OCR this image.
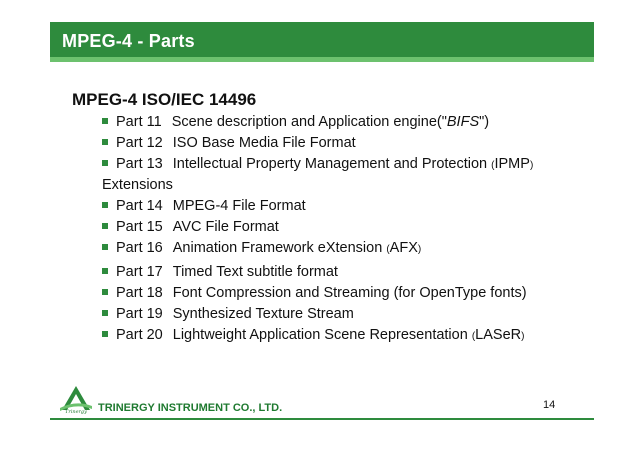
MPEG-4 - Parts
MPEG-4 ISO/IEC 14496
Part 11 Scene description and Application engine("BIFS")
Part 12 ISO Base Media File Format
Part 13 Intellectual Property Management and Protection (IPMP)
Extensions
Part 14 MPEG-4 File Format
Part 15 AVC File Format
Part 16 Animation Framework eXtension (AFX)
Part 17 Timed Text subtitle format
Part 18 Font Compression and Streaming (for OpenType fonts)
Part 19 Synthesized Texture Stream
Part 20 Lightweight Application Scene Representation (LASeR)
Trinergy TRINERGY INSTRUMENT CO., LTD.	14
